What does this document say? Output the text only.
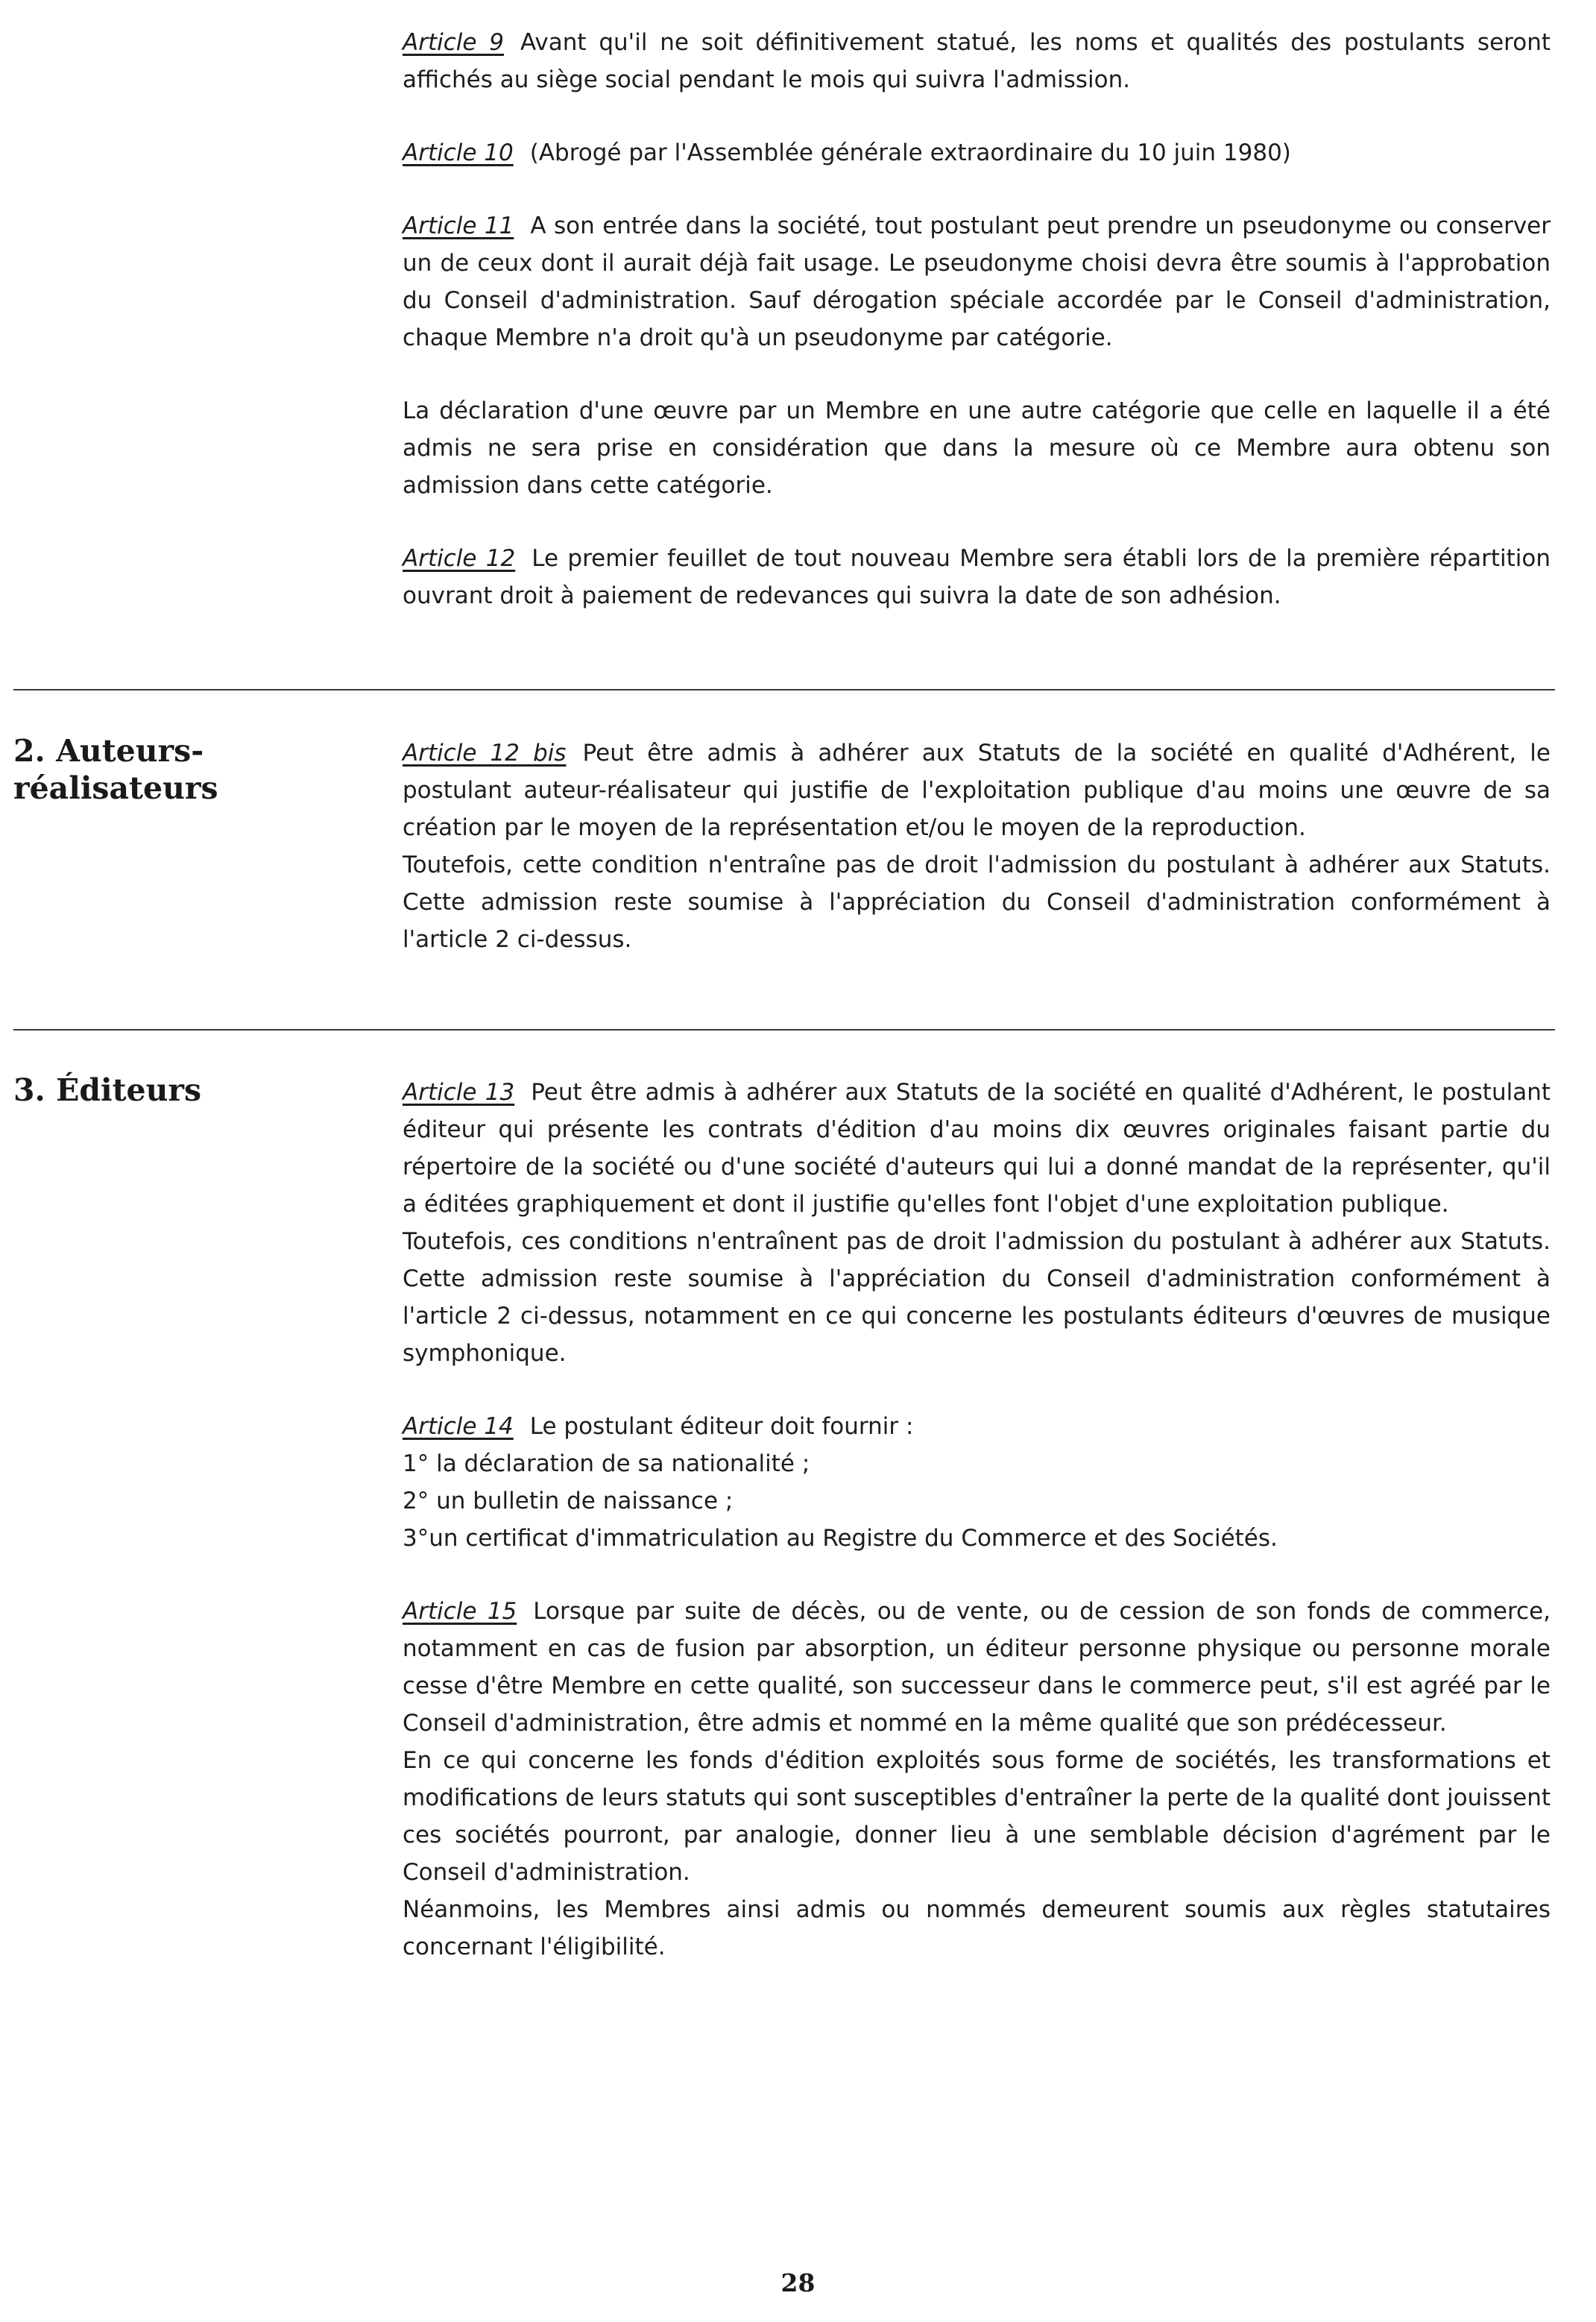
Article 9 Avant qu'il ne soit définitivement statué, les noms et qualités des postulants seront affichés au siège social pendant le mois qui suivra l'admission.

Article 10 (Abrogé par l'Assemblée générale extraordinaire du 10 juin 1980)

Article 11 A son entrée dans la société, tout postulant peut prendre un pseudonyme ou conserver un de ceux dont il aurait déjà fait usage. Le pseudonyme choisi devra être soumis à l'approbation du Conseil d'administration. Sauf dérogation spéciale accordée par le Conseil d'administration, chaque Membre n'a droit qu'à un pseudonyme par catégorie.

La déclaration d'une œuvre par un Membre en une autre catégorie que celle en laquelle il a été admis ne sera prise en considération que dans la mesure où ce Membre aura obtenu son admission dans cette catégorie.

Article 12 Le premier feuillet de tout nouveau Membre sera établi lors de la première répartition ouvrant droit à paiement de redevances qui suivra la date de son adhésion.

2. Auteurs-réalisateurs

Article 12 bis Peut être admis à adhérer aux Statuts de la société en qualité d'Adhérent, le postulant auteur-réalisateur qui justifie de l'exploitation publique d'au moins une œuvre de sa création par le moyen de la représentation et/ou le moyen de la reproduction.

Toutefois, cette condition n'entraîne pas de droit l'admission du postulant à adhérer aux Statuts. Cette admission reste soumise à l'appréciation du Conseil d'administration conformément à l'article 2 ci-dessus.

3. Éditeurs	Article 13 Peut être admis à adhérer aux Statuts de la société en qualité d'Adhérent, le postulant éditeur qui présente les contrats d'édition d'au moins dix œuvres originales faisant partie du répertoire de la société ou d'une société d'auteurs qui lui a donné mandat de la représenter, qu'il a éditées graphiquement et dont il justifie qu'elles font l'objet d'une exploitation publique.

Toutefois, ces conditions n'entraînent pas de droit l'admission du postulant à adhérer aux Statuts. Cette admission reste soumise à l'appréciation du Conseil d'administration conformément à l'article 2 ci-dessus, notamment en ce qui concerne les postulants éditeurs d'œuvres de musique symphonique.

Article 14 Le postulant éditeur doit fournir :
1° la déclaration de sa nationalité ;
2° un bulletin de naissance ;
3°un certificat d'immatriculation au Registre du Commerce et des Sociétés.

Article 15 Lorsque par suite de décès, ou de vente, ou de cession de son fonds de commerce, notamment en cas de fusion par absorption, un éditeur personne physique ou personne morale cesse d'être Membre en cette qualité, son successeur dans le commerce peut, s'il est agréé par le Conseil d'administration, être admis et nommé en la même qualité que son prédécesseur.

En ce qui concerne les fonds d'édition exploités sous forme de sociétés, les transformations et modifications de leurs statuts qui sont susceptibles d'entraîner la perte de la qualité dont jouissent ces sociétés pourront, par analogie, donner lieu à une semblable décision d'agrément par le Conseil d'administration.

Néanmoins, les Membres ainsi admis ou nommés demeurent soumis aux règles statutaires concernant l'éligibilité.

28
